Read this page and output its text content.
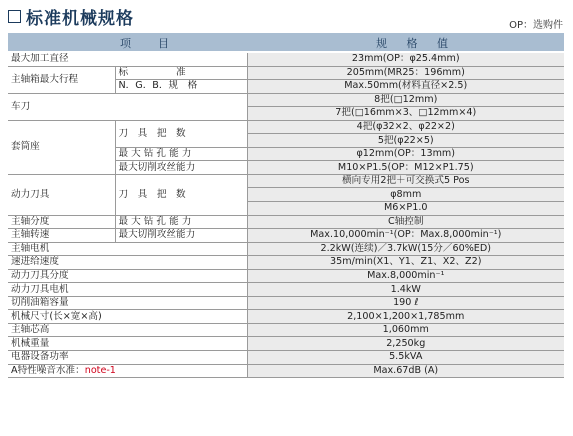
标准机械规格	OP：选购件
项　目	规 格 值
最大加工直径		23mm(OP：φ25.4mm)
主轴箱最大行程	标　　　　　准	205mm(MR25：196mm)
	N．G．B．规　格	Max.50mm(材料直径×2.5)
车刀		8把(□12mm)
		7把(□16mm×3、□12mm×4)
套筒座	刀　具　把　数	4把(φ32×2、φ22×2)
		5把(φ22×5)
	最 大 钻 孔 能 力	φ12mm(OP：13mm)
	最大切削攻丝能力	M10×P1.5(OP：M12×P1.75)
动力刀具	刀　具　把　数	横向专用2把＋可交换式5 Pos
		φ8mm
		M6×P1.0
主轴分度	最 大 钻 孔 能 力	C轴控制
主轴转速	最大切削攻丝能力	Max.10,000min⁻¹(OP：Max.8,000min⁻¹)
主轴电机		2.2kW(连续)／3.7kW(15分／60%ED)
速进给速度		35m/min(X1、Y1、Z1、X2、Z2)
动力刀具分度		Max.8,000min⁻¹
动力刀具电机		1.4kW
切削油箱容量		190 ℓ
机械尺寸(长×宽×高)		2,100×1,200×1,785mm
主轴芯高		1,060mm
机械重量		2,250kg
电器设备功率		5.5kVA
A特性噪音水准：note-1		Max.67dB (A)
